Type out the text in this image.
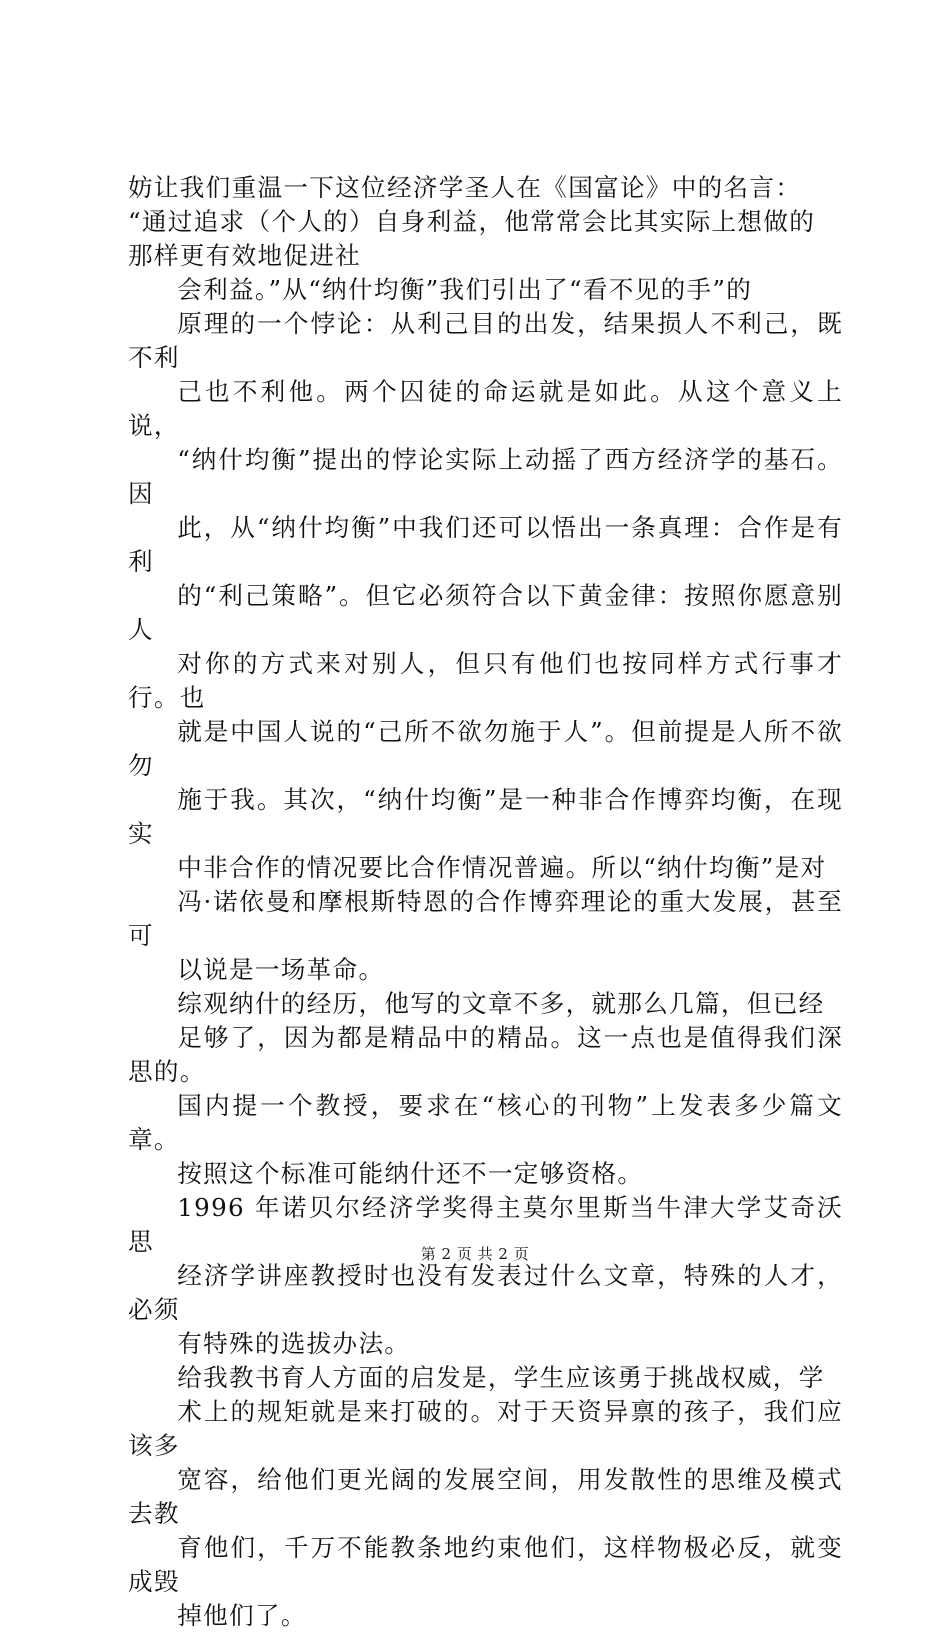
妨让我们重温一下这位经济学圣人在《国富论》中的名言：
“通过追求（个人的）自身利益，他常常会比其实际上想做的
那样更有效地促进社
会利益。”从“纳什均衡”我们引出了“看不见的手”的
原理的一个悖论：从利己目的出发，结果损人不利己，既不利
己也不利他。两个囚徒的命运就是如此。从这个意义上说，
“纳什均衡”提出的悖论实际上动摇了西方经济学的基石。因
此，从“纳什均衡”中我们还可以悟出一条真理：合作是有利
的“利己策略”。但它必须符合以下黄金律：按照你愿意别人
对你的方式来对别人，但只有他们也按同样方式行事才行。也
就是中国人说的“己所不欲勿施于人”。但前提是人所不欲勿
施于我。其次，“纳什均衡”是一种非合作博弈均衡，在现实
中非合作的情况要比合作情况普遍。所以“纳什均衡”是对
冯·诺依曼和摩根斯特恩的合作博弈理论的重大发展，甚至可
以说是一场革命。
综观纳什的经历，他写的文章不多，就那么几篇，但已经
足够了，因为都是精品中的精品。这一点也是值得我们深思的。
国内提一个教授，要求在“核心的刊物”上发表多少篇文章。
按照这个标准可能纳什还不一定够资格。
1996 年诺贝尔经济学奖得主莫尔里斯当牛津大学艾奇沃思
经济学讲座教授时也没有发表过什么文章，特殊的人才，必须
有特殊的选拔办法。
给我教书育人方面的启发是，学生应该勇于挑战权威，学
术上的规矩就是来打破的。对于天资异禀的孩子，我们应该多
宽容，给他们更光阔的发展空间，用发散性的思维及模式去教
育他们，千万不能教条地约束他们，这样物极必反，就变成毁
掉他们了。
第 2 页 共 2 页
